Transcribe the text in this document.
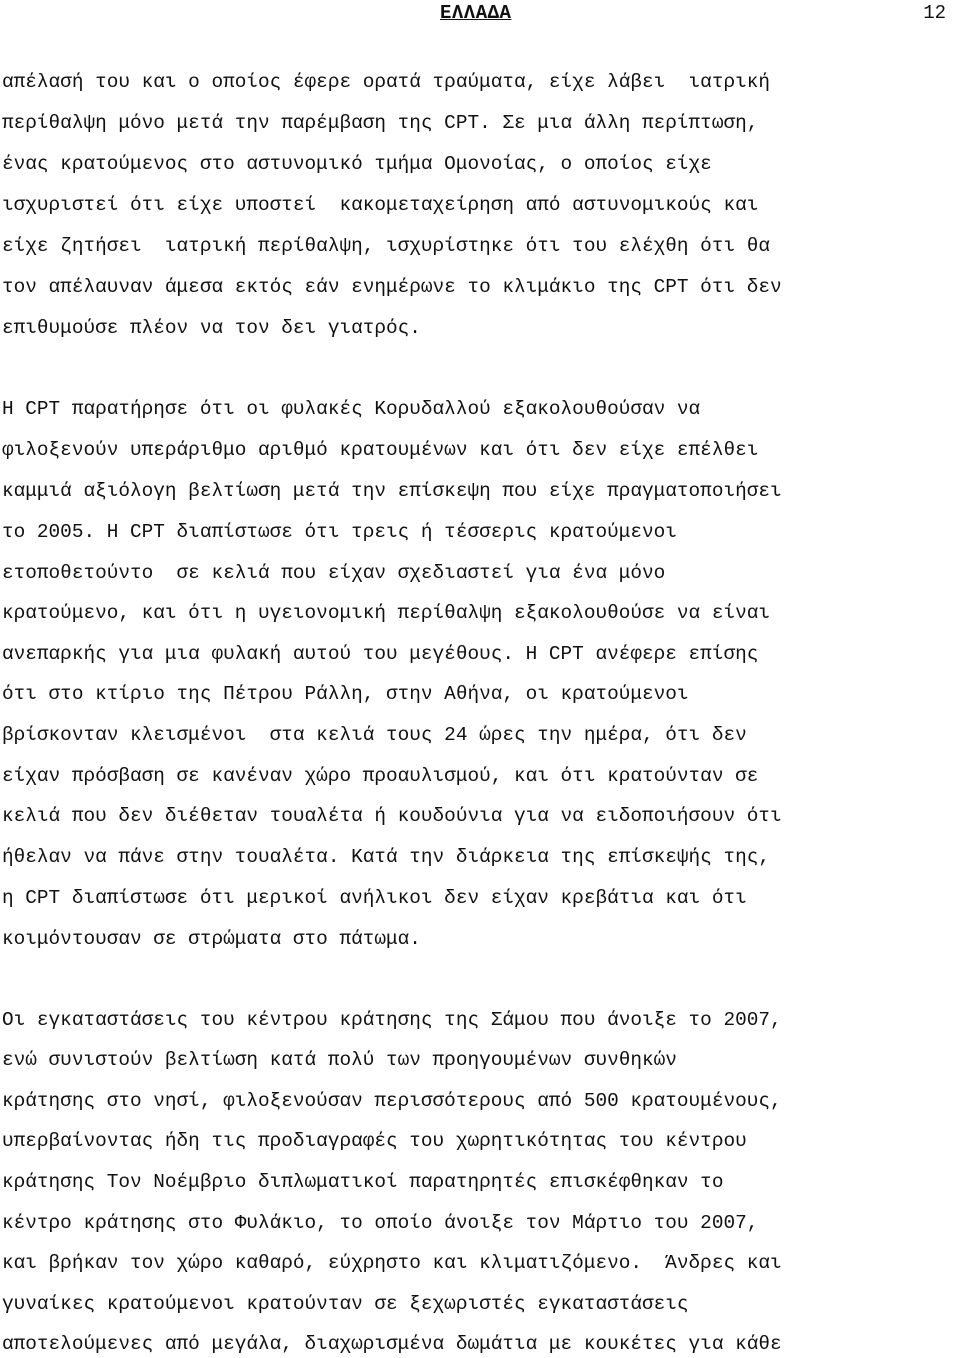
ΕΛΛΑΔΑ	12
απέλασή του και ο οποίος έφερε ορατά τραύματα, είχε λάβει  ιατρική
περίθαλψη μόνο μετά την παρέμβαση της CPT. Σε μια άλλη περίπτωση,
ένας κρατούμενος στο αστυνομικό τμήμα Ομονοίας, ο οποίος είχε
ισχυριστεί ότι είχε υποστεί  κακομεταχείρηση από αστυνομικούς και
είχε ζητήσει  ιατρική περίθαλψη, ισχυρίστηκε ότι του ελέχθη ότι θα
τον απέλαυναν άμεσα εκτός εάν ενημέρωνε το κλιμάκιο της CPT ότι δεν
επιθυμούσε πλέον να τον δει γιατρός.
Η CPT παρατήρησε ότι οι φυλακές Κορυδαλλού εξακολουθούσαν να
φιλοξενούν υπεράριθμο αριθμό κρατουμένων και ότι δεν είχε επέλθει
καμμιά αξιόλογη βελτίωση μετά την επίσκεψη που είχε πραγματοποιήσει
το 2005. Η CPT διαπίστωσε ότι τρεις ή τέσσερις κρατούμενοι
ετοποθετούντο  σε κελιά που είχαν σχεδιαστεί για ένα μόνο
κρατούμενο, και ότι η υγειονομική περίθαλψη εξακολουθούσε να είναι
ανεπαρκής για μια φυλακή αυτού του μεγέθους. Η CPT ανέφερε επίσης
ότι στο κτίριο της Πέτρου Ράλλη, στην Αθήνα, οι κρατούμενοι
βρίσκονταν κλεισμένοι  στα κελιά τους 24 ώρες την ημέρα, ότι δεν
είχαν πρόσβαση σε κανέναν χώρο προαυλισμού, και ότι κρατούνταν σε
κελιά που δεν διέθεταν τουαλέτα ή κουδούνια για να ειδοποιήσουν ότι
ήθελαν να πάνε στην τουαλέτα. Κατά την διάρκεια της επίσκεψής της,
η CPT διαπίστωσε ότι μερικοί ανήλικοι δεν είχαν κρεβάτια και ότι
κοιμόντουσαν σε στρώματα στο πάτωμα.
Οι εγκαταστάσεις του κέντρου κράτησης της Σάμου που άνοιξε το 2007,
ενώ συνιστούν βελτίωση κατά πολύ των προηγουμένων συνθηκών
κράτησης στο νησί, φιλοξενούσαν περισσότερους από 500 κρατουμένους,
υπερβαίνοντας ήδη τις προδιαγραφές του χωρητικότητας του κέντρου
κράτησης Τον Νοέμβριο διπλωματικοί παρατηρητές επισκέφθηκαν το
κέντρο κράτησης στο Φυλάκιο, το οποίο άνοιξε τον Μάρτιο του 2007,
και βρήκαν τον χώρο καθαρό, εύχρηστο και κλιματιζόμενο.  Άνδρες και
γυναίκες κρατούμενοι κρατούνταν σε ξεχωριστές εγκαταστάσεις
αποτελούμενες από μεγάλα, διαχωρισμένα δωμάτια με κουκέτες για κάθε
